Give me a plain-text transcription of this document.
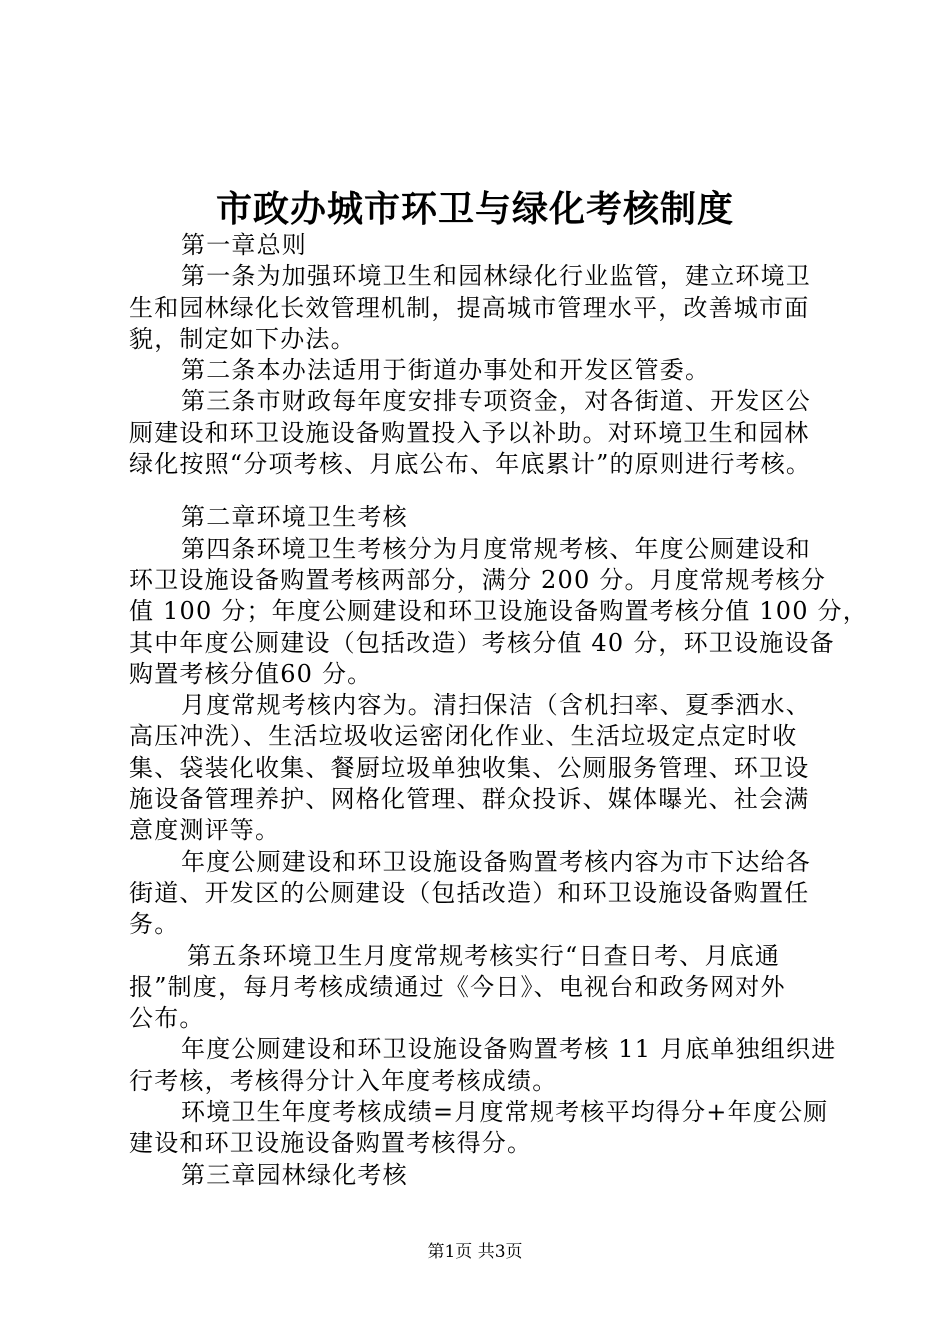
市政办城市环卫与绿化考核制度
第一章总则
第一条为加强环境卫生和园林绿化行业监管，建立环境卫
生和园林绿化长效管理机制，提高城市管理水平，改善城市面
貌，制定如下办法。
第二条本办法适用于街道办事处和开发区管委。
第三条市财政每年度安排专项资金，对各街道、开发区公
厕建设和环卫设施设备购置投入予以补助。对环境卫生和园林
绿化按照“分项考核、月底公布、年底累计”的原则进行考核。
第二章环境卫生考核
第四条环境卫生考核分为月度常规考核、年度公厕建设和
环卫设施设备购置考核两部分，满分 200 分。月度常规考核分
值 100 分；年度公厕建设和环卫设施设备购置考核分值 100 分，
其中年度公厕建设（包括改造）考核分值 40 分，环卫设施设备
购置考核分值60 分。
月度常规考核内容为。清扫保洁（含机扫率、夏季洒水、
高压冲洗）、生活垃圾收运密闭化作业、生活垃圾定点定时收
集、袋装化收集、餐厨垃圾单独收集、公厕服务管理、环卫设
施设备管理养护、网格化管理、群众投诉、媒体曝光、社会满
意度测评等。
年度公厕建设和环卫设施设备购置考核内容为市下达给各
街道、开发区的公厕建设（包括改造）和环卫设施设备购置任
务。
第五条环境卫生月度常规考核实行“日查日考、月底通
报”制度，每月考核成绩通过《今日》、电视台和政务网对外
公布。
年度公厕建设和环卫设施设备购置考核 11 月底单独组织进
行考核，考核得分计入年度考核成绩。
环境卫生年度考核成绩=月度常规考核平均得分+年度公厕
建设和环卫设施设备购置考核得分。
第三章园林绿化考核
第1页 共3页
